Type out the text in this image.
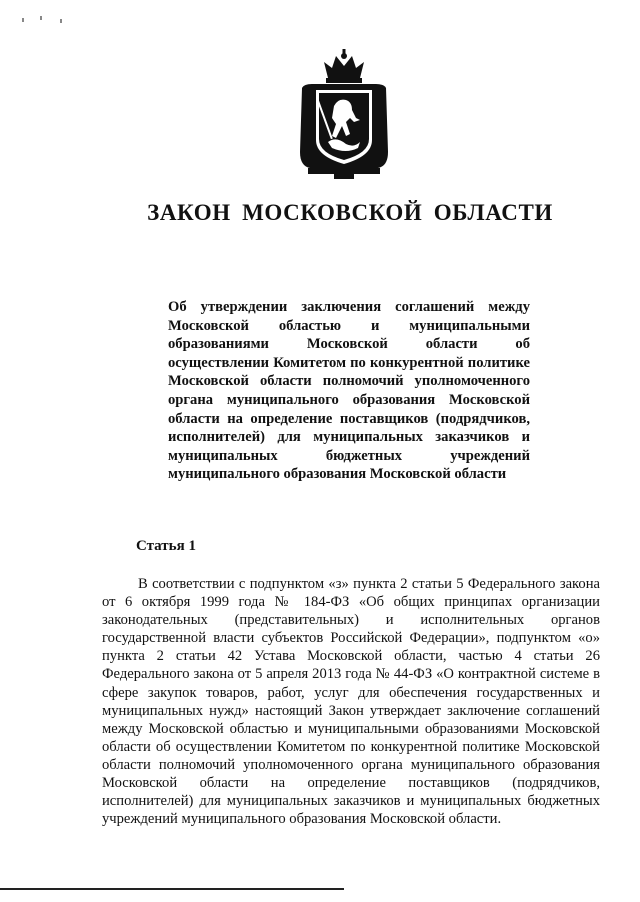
ЗАКОН МОСКОВСКОЙ ОБЛАСТИ

Об утверждении заключения соглашений между Московской областью и муниципальными образованиями Московской области об осуществлении Комитетом по конкурентной политике Московской области полномочий уполномоченного органа муниципального образования Московской области на определение поставщиков (подрядчиков, исполнителей) для муниципальных заказчиков и муниципальных бюджетных учреждений муниципального образования Московской области

Статья 1

В соответствии с подпунктом «з» пункта 2 статьи 5 Федерального закона от 6 октября 1999 года № 184-ФЗ «Об общих принципах организации законодательных (представительных) и исполнительных органов государственной власти субъектов Российской Федерации», подпунктом «о» пункта 2 статьи 42 Устава Московской области, частью 4 статьи 26 Федерального закона от 5 апреля 2013 года № 44-ФЗ «О контрактной системе в сфере закупок товаров, работ, услуг для обеспечения государственных и муниципальных нужд» настоящий Закон утверждает заключение соглашений между Московской областью и муниципальными образованиями Московской области об осуществлении Комитетом по конкурентной политике Московской области полномочий уполномоченного органа муниципального образования Московской области на определение поставщиков (подрядчиков, исполнителей) для муниципальных заказчиков и муниципальных бюджетных учреждений муниципального образования Московской области.
